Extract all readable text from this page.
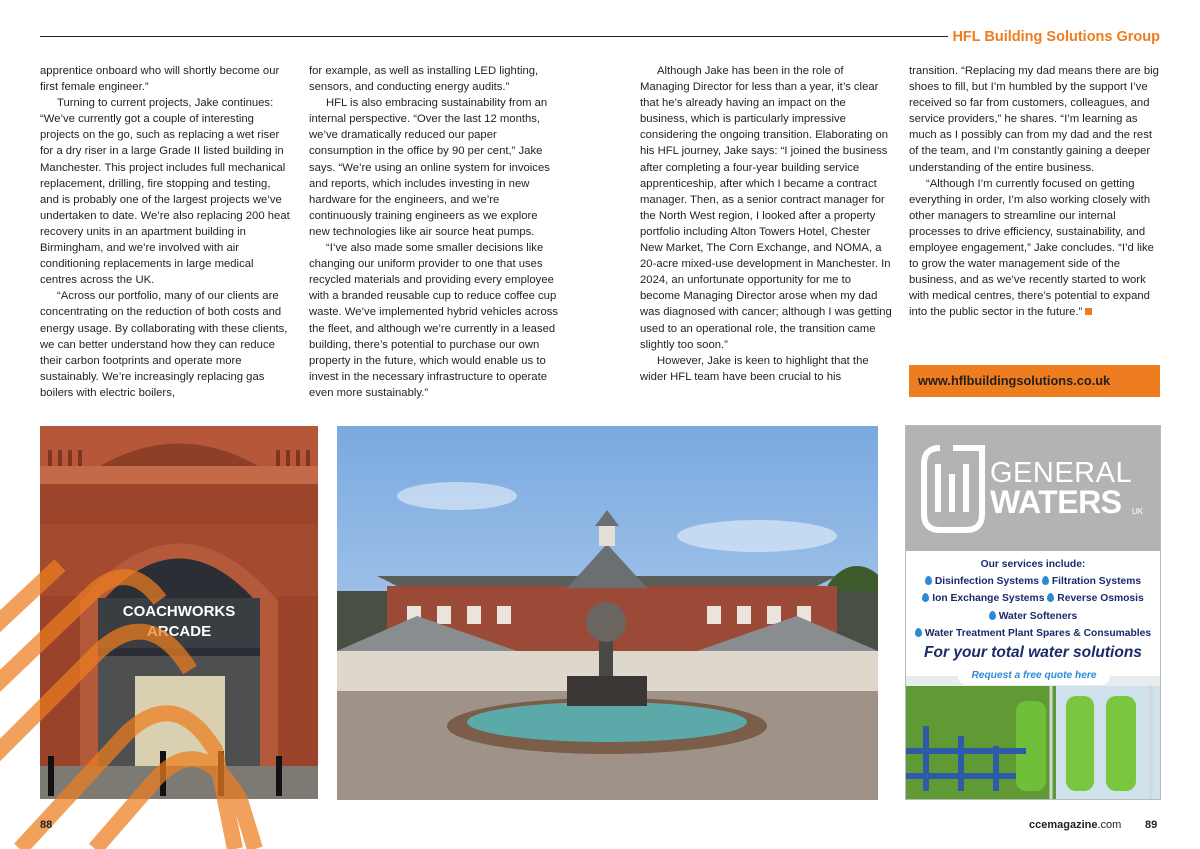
HFL Building Solutions Group

apprentice onboard who will shortly become our first female engineer.”

Turning to current projects, Jake continues: “We’ve currently got a couple of interesting projects on the go, such as replacing a wet riser for a dry riser in a large Grade II listed building in Manchester. This project includes full mechanical replacement, drilling, fire stopping and testing, and is probably one of the largest projects we’ve undertaken to date. We’re also replacing 200 heat recovery units in an apartment building in Birmingham, and we’re involved with air conditioning replacements in large medical centres across the UK.

“Across our portfolio, many of our clients are concentrating on the reduction of both costs and energy usage. By collaborating with these clients, we can better understand how they can reduce their carbon footprints and operate more sustainably. We’re increasingly replacing gas boilers with electric boilers,

for example, as well as installing LED lighting, sensors, and conducting energy audits.”

HFL is also embracing sustainability from an internal perspective. “Over the last 12 months, we’ve dramatically reduced our paper consumption in the office by 90 per cent,” Jake says. “We’re using an online system for invoices and reports, which includes investing in new hardware for the engineers, and we’re continuously training engineers as we explore new technologies like air source heat pumps.

“I’ve also made some smaller decisions like changing our uniform provider to one that uses recycled materials and providing every employee with a branded reusable cup to reduce coffee cup waste. We’ve implemented hybrid vehicles across the fleet, and although we’re currently in a leased building, there’s potential to purchase our own property in the future, which would enable us to invest in the necessary infrastructure to operate even more sustainably.”

Although Jake has been in the role of Managing Director for less than a year, it’s clear that he’s already having an impact on the business, which is particularly impressive considering the ongoing transition. Elaborating on his HFL journey, Jake says: “I joined the business after completing a four-year building service apprenticeship, after which I became a contract manager. Then, as a senior contract manager for the North West region, I looked after a property portfolio including Alton Towers Hotel, Chester New Market, The Corn Exchange, and NOMA, a 20-acre mixed-use development in Manchester. In 2024, an unfortunate opportunity for me to become Managing Director arose when my dad was diagnosed with cancer; although I was getting used to an operational role, the transition came slightly too soon.”

However, Jake is keen to highlight that the wider HFL team have been crucial to his

transition. “Replacing my dad means there are big shoes to fill, but I’m humbled by the support I’ve received so far from customers, colleagues, and service providers,” he shares. “I’m learning as much as I possibly can from my dad and the rest of the team, and I’m constantly gaining a deeper understanding of the entire business.

“Although I’m currently focused on getting everything in order, I’m also working closely with other managers to streamline our internal processes to drive efficiency, sustainability, and employee engagement,” Jake concludes. “I’d like to grow the water management side of the business, and as we’ve recently started to work with medical centres, there’s potential to expand into the public sector in the future.”

www.hflbuildingsolutions.co.uk
COACHWORKS
ARCADE
GENERAL
WATERS UK
Our services include:
Disinfection Systems Filtration Systems
Ion Exchange Systems Reverse Osmosis
Water Softeners
Water Treatment Plant Spares & Consumables
For your total water solutions
Request a free quote here
88	ccemagazine.com 89
